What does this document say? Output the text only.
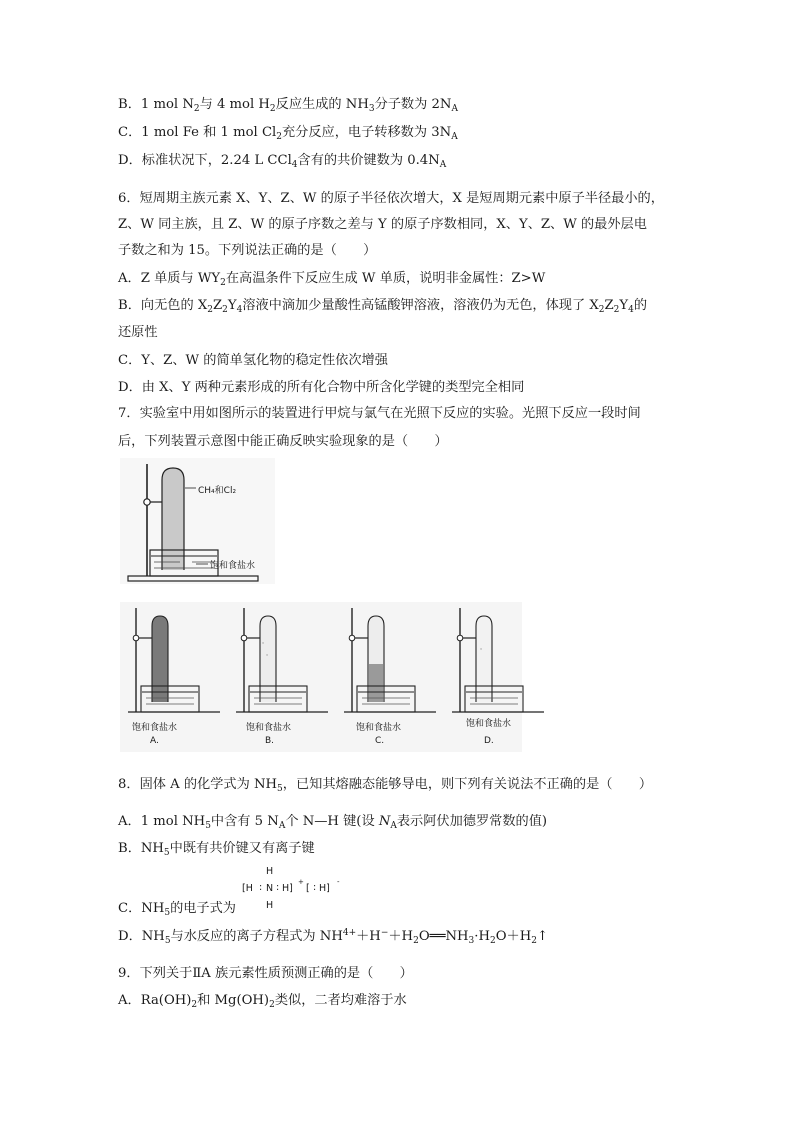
B．1 mol $N_2$与 4 mol $H_2$反应生成的 $NH_3$分子数为 $2N_A$
C．1 mol Fe 和 1 mol $Cl_2$充分反应，电子转移数为 $3N_A$
D．标准状况下，2.24 L CCl$_4$含有的共价键数为 $0.4N_A$
6．短周期主族元素 X、Y、Z、W 的原子半径依次增大，X 是短周期元素中原子半径最小的，
Z、W 同主族，且 Z、W 的原子序数之差与 Y 的原子序数相同，X、Y、Z、W 的最外层电
子数之和为 15。下列说法正确的是（　　）
A．Z 单质与 $WY_2$在高温条件下反应生成 W 单质，说明非金属性：Z>W
B．向无色的 $X_2Z_2Y_4$溶液中滴加少量酸性高锰酸钾溶液，溶液仍为无色，体现了 $X_2Z_2Y_4$的
还原性
C．Y、Z、W 的简单氢化物的稳定性依次增强
D．由 X、Y 两种元素形成的所有化合物中所含化学键的类型完全相同
7．实验室中用如图所示的装置进行甲烷与氯气在光照下反应的实验。光照下反应一段时间
后，下列装置示意图中能正确反映实验现象的是（　　）
CH₄和Cl₂
饱和食盐水
ﾟ
ﾟ
ﾟ
饱和食盐水
A.
饱和食盐水
B.
饱和食盐水
C.
饱和食盐水
D.
8．固体 A 的化学式为 $NH_5$，已知其熔融态能够导电，则下列有关说法不正确的是（　　）
A．1 mol $NH_5$中含有 5 $N_A$个 N—H 键(设 $N_A$表示阿伏加德罗常数的值)
B．$NH_5$中既有共价键又有离子键
H
[H : N : H]
+
[ : H]
-
H
C．$NH_5$的电子式为
D．$NH_5$与水反应的离子方程式为 $NH^{4+}+H^-+H_2O══NH_3\cdot H_2O+H_2↑$
9．下列关于ⅡA 族元素性质预测正确的是（　　）
A．$Ra(OH)_2$和 $Mg(OH)_2$类似，二者均难溶于水
